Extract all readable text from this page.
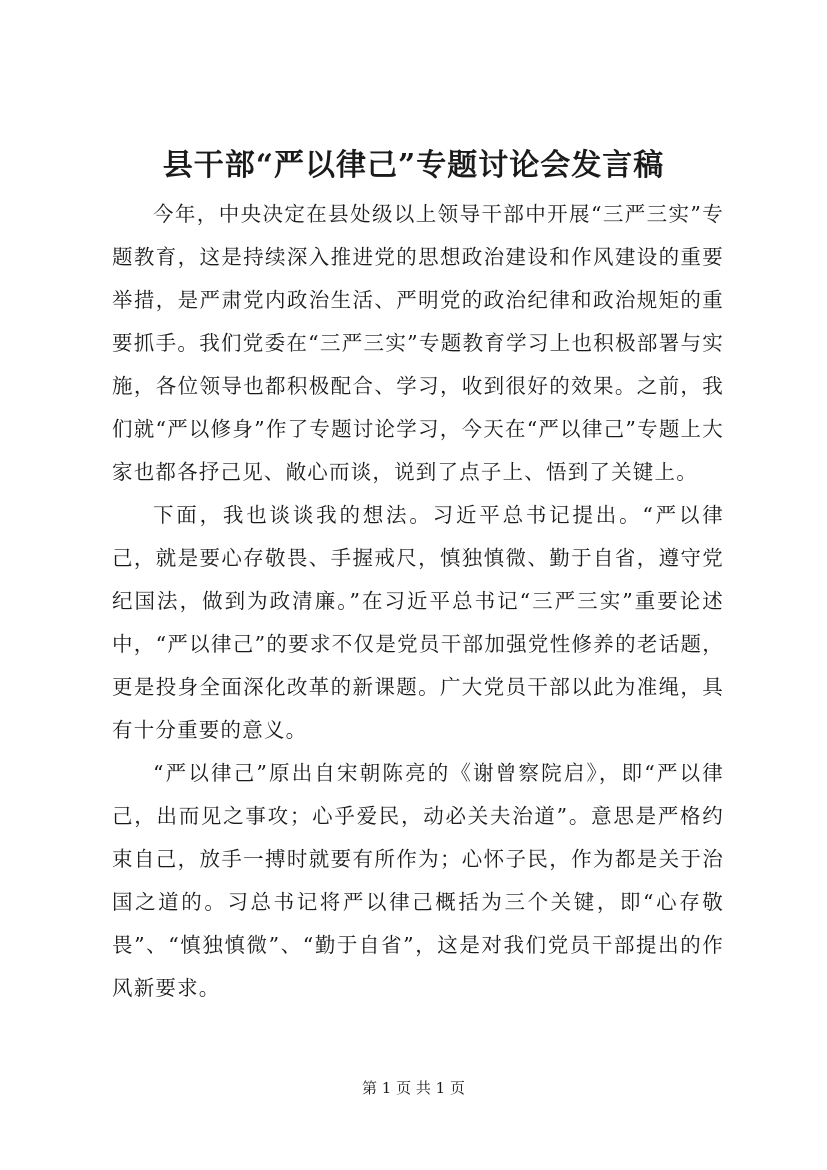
县干部“严以律己”专题讨论会发言稿

今年，中央决定在县处级以上领导干部中开展“三严三实”专题教育，这是持续深入推进党的思想政治建设和作风建设的重要举措，是严肃党内政治生活、严明党的政治纪律和政治规矩的重要抓手。我们党委在“三严三实”专题教育学习上也积极部署与实施，各位领导也都积极配合、学习，收到很好的效果。之前，我们就“严以修身”作了专题讨论学习，今天在“严以律己”专题上大家也都各抒己见、敞心而谈，说到了点子上、悟到了关键上。

下面，我也谈谈我的想法。习近平总书记提出。“严以律己，就是要心存敬畏、手握戒尺，慎独慎微、勤于自省，遵守党纪国法，做到为政清廉。”在习近平总书记“三严三实”重要论述中，“严以律己”的要求不仅是党员干部加强党性修养的老话题，更是投身全面深化改革的新课题。广大党员干部以此为准绳，具有十分重要的意义。

“严以律己”原出自宋朝陈亮的《谢曾察院启》，即“严以律己，出而见之事攻；心乎爱民，动必关夫治道”。意思是严格约束自己，放手一搏时就要有所作为；心怀子民，作为都是关于治国之道的。习总书记将严以律己概括为三个关键，即“心存敬畏”、“慎独慎微”、“勤于自省”，这是对我们党员干部提出的作风新要求。

第 1 页 共 1 页
